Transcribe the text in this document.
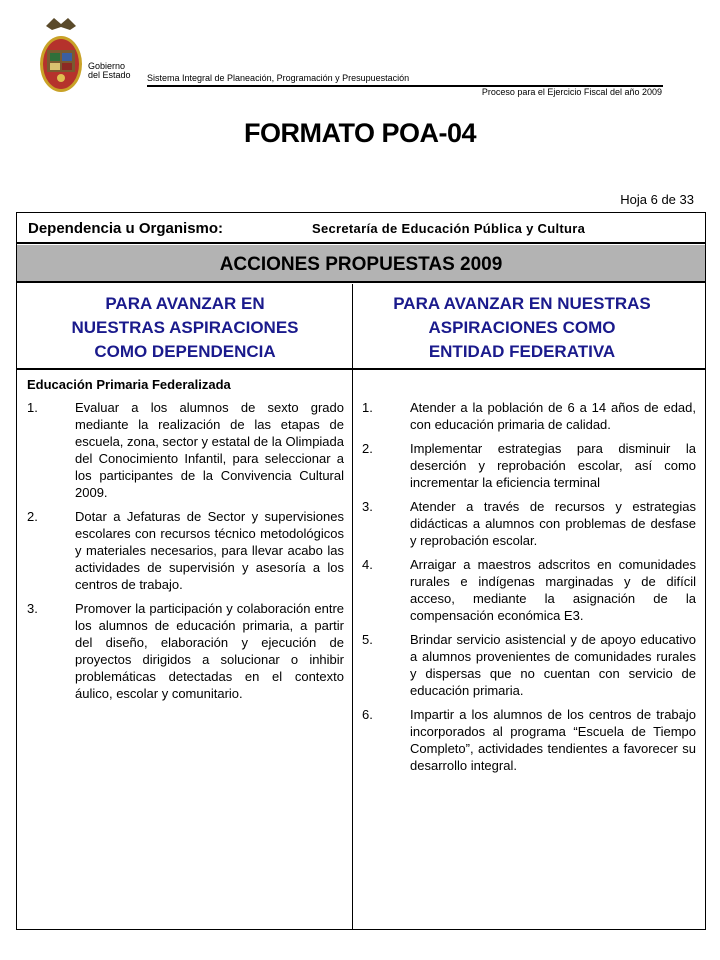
Gobierno
del Estado Sistema Integral de Planeación, Programación y Presupuestación
Proceso para el Ejercicio Fiscal del año 2009
FORMATO POA-04
Hoja 6 de 33
Dependencia u Organismo:	Secretaría de Educación Pública y Cultura
ACCIONES PROPUESTAS 2009
PARA AVANZAR EN
NUESTRAS ASPIRACIONES
COMO DEPENDENCIA
PARA AVANZAR EN NUESTRAS
ASPIRACIONES COMO
ENTIDAD FEDERATIVA
Educación Primaria Federalizada
1.	Evaluar a los alumnos de sexto grado mediante la realización de las etapas de escuela, zona, sector y estatal de la Olimpiada del Conocimiento Infantil, para seleccionar a los participantes de la Convivencia Cultural 2009.
2.	Dotar a Jefaturas de Sector y supervisiones escolares con recursos técnico metodológicos y materiales necesarios, para llevar acabo las actividades de supervisión y asesoría a los centros de trabajo.
3.	Promover la participación y colaboración entre los alumnos de educación primaria, a partir del diseño, elaboración y ejecución de proyectos dirigidos a solucionar o inhibir problemáticas detectadas en el contexto áulico, escolar y comunitario.
1.	Atender a la población de 6 a 14 años de edad, con educación primaria de calidad.
2.	Implementar estrategias para disminuir la deserción y reprobación escolar, así como incrementar la eficiencia terminal
3.	Atender a través de recursos y estrategias didácticas a alumnos con problemas de desfase y reprobación escolar.
4.	Arraigar a maestros adscritos en comunidades rurales e indígenas marginadas y de difícil acceso, mediante la asignación de la compensación económica E3.
5.	Brindar servicio asistencial y de apoyo educativo a alumnos provenientes de comunidades rurales y dispersas que no cuentan con servicio de educación primaria.
6.	Impartir a los alumnos de los centros de trabajo incorporados al programa “Escuela de Tiempo Completo”, actividades tendientes a favorecer su desarrollo integral.
